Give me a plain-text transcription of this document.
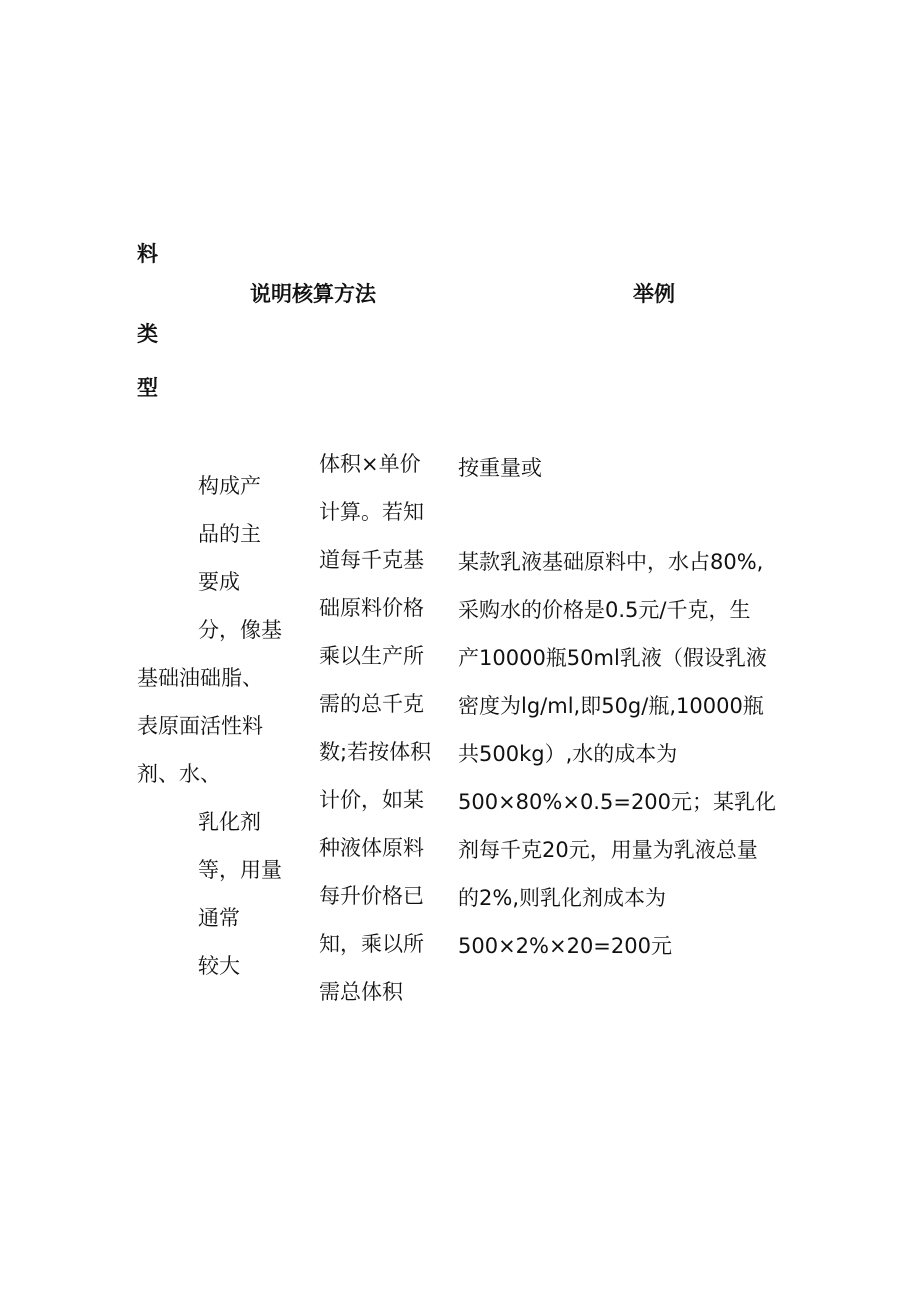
料
类
型
说明核算方法	举例
构成产
品的主
要成
分，像基
基础油础脂、
表原面活性料
剂、水、
乳化剂
等，用量
通常
较大
体积×单价
计算。若知
道每千克基
础原料价格
乘以生产所
需的总千克
数;若按体积
计价，如某
种液体原料
每升价格已
知，乘以所
需总体积
按重量或
某款乳液基础原料中，水占80%,
采购水的价格是0.5元/千克，生
产10000瓶50ml乳液（假设乳液
密度为lg/ml,即50g/瓶,10000瓶
共500kg）,水的成本为
500×80%×0.5=200元；某乳化
剂每千克20元，用量为乳液总量
的2%,则乳化剂成本为
500×2%×20=200元
